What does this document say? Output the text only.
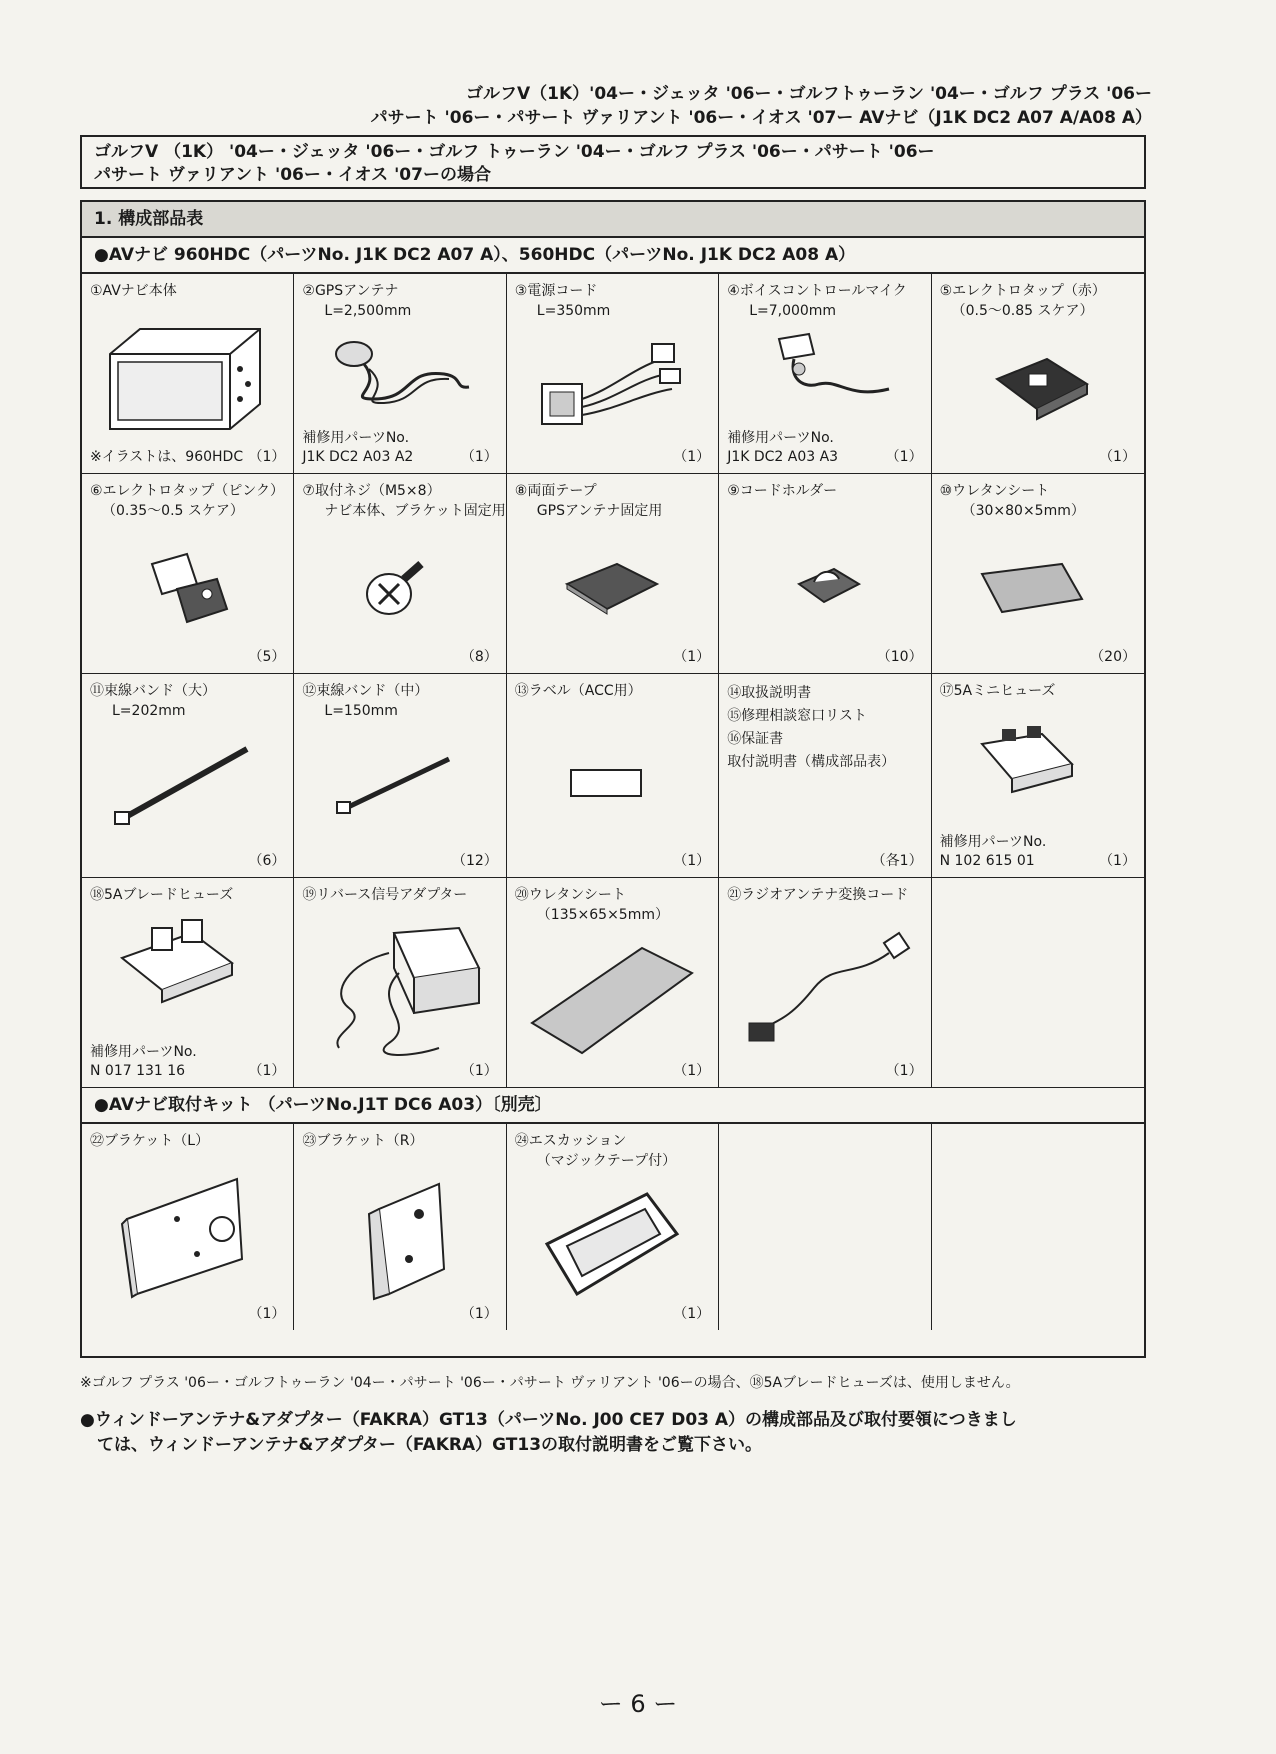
ゴルフV（1K）'04ー・ジェッタ '06ー・ゴルフトゥーラン '04ー・ゴルフ プラス '06ー
パサート '06ー・パサート ヴァリアント '06ー・イオス '07ー AVナビ（J1K DC2 A07 A/A08 A）
ゴルフV （1K） '04ー・ジェッタ '06ー・ゴルフ トゥーラン '04ー・ゴルフ プラス '06ー・パサート '06ー
パサート ヴァリアント '06ー・イオス '07ーの場合
1. 構成部品表
●AVナビ 960HDC（パーツNo. J1K DC2 A07 A）、560HDC（パーツNo. J1K DC2 A08 A）
①AVナビ本体
※イラストは、960HDC （1）
②GPSアンテナ
L=2,500mm
補修用パーツNo.
J1K DC2 A03 A2	（1）
③電源コード
L=350mm
（1）
④ボイスコントロールマイク
L=7,000mm
補修用パーツNo.
J1K DC2 A03 A3	（1）
⑤エレクトロタップ（赤）
（0.5〜0.85 スケア）
（1）
⑥エレクトロタップ（ピンク）
（0.35〜0.5 スケア）
（5）
⑦取付ネジ（M5×8）
ナビ本体、ブラケット固定用
（8）
⑧両面テープ
GPSアンテナ固定用
（1）
⑨コードホルダー
（10）
⑩ウレタンシート
（30×80×5mm）
（20）
⑪束線バンド（大）
L=202mm
（6）
⑫束線バンド（中）
L=150mm
（12）
⑬ラベル（ACC用）
（1）
⑭取扱説明書
⑮修理相談窓口リスト
⑯保証書
取付説明書（構成部品表）
（各1）
⑰5Aミニヒューズ
補修用パーツNo.
N 102 615 01	（1）
⑱5Aブレードヒューズ
補修用パーツNo.
N 017 131 16	（1）
⑲リバース信号アダプター
（1）
⑳ウレタンシート
（135×65×5mm）
（1）
㉑ラジオアンテナ変換コード
（1）
●AVナビ取付キット （パーツNo.J1T DC6 A03）〔別売〕
㉒ブラケット（L）
（1）
㉓ブラケット（R）
（1）
㉔エスカッション
（マジックテープ付）
（1）
※ゴルフ プラス '06ー・ゴルフトゥーラン '04ー・パサート '06ー・パサート ヴァリアント '06ーの場合、⑱5Aブレードヒューズは、使用しません。
●ウィンドーアンテナ&アダプター（FAKRA）GT13（パーツNo. J00 CE7 D03 A）の構成部品及び取付要領につきまし
　ては、ウィンドーアンテナ&アダプター（FAKRA）GT13の取付説明書をご覧下さい。
ー 6 ー
